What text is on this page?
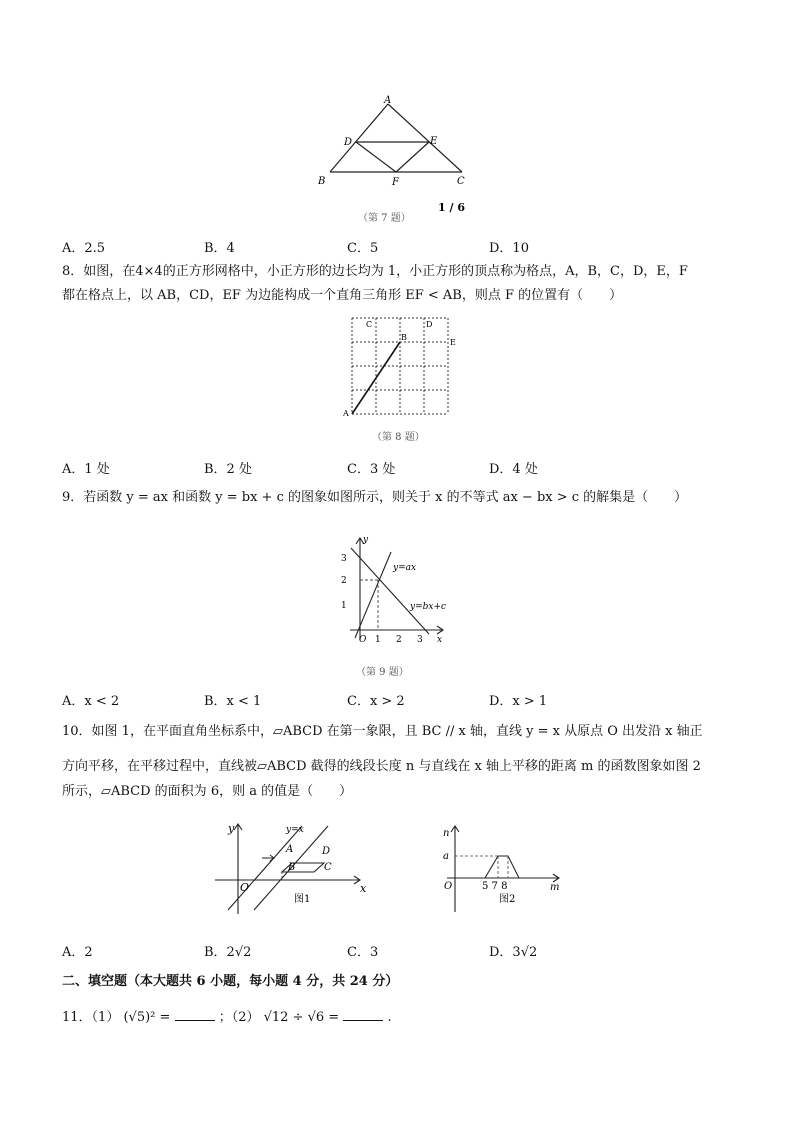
A
D	E
B	F	C
1 / 6
（第 7 题）
A．2.5	B．4	C．5	D．10
8．如图，在4×4的正方形网格中，小正方形的边长均为 1，小正方形的顶点称为格点，A，B，C，D，E，F
都在格点上，以 AB，CD，EF 为边能构成一个直角三角形 EF < AB，则点 F 的位置有（　　）
C	D
B
E
A
（第 8 题）
A．1 处	B．2 处	C．3 处	D．4 处
9．若函数 y = ax 和函数 y = bx + c 的图象如图所示，则关于 x 的不等式 ax − bx > c 的解集是（　　）
3
2
1
O 1 2 3
y
x
y=ax
y=bx+c
（第 9 题）
A．x < 2	B．x < 1	C．x > 2	D．x > 1
10．如图 1，在平面直角坐标系中，▱ABCD 在第一象限，且 BC // x 轴，直线 y = x 从原点 O 出发沿 x 轴正
方向平移，在平移过程中，直线被▱ABCD 截得的线段长度 n 与直线在 x 轴上平移的距离 m 的函数图象如图 2
所示，▱ABCD 的面积为 6，则 a 的值是（　　）
y
x
O
y=x
A	D
B	C
图1
n
m
a
O	5 7 8
图2
A．2	B．2√2	C．3	D．3√2
二、填空题（本大题共 6 小题，每小题 4 分，共 24 分）
11．（1） (√5)² =	；（2） √12 ÷ √6 =	.
